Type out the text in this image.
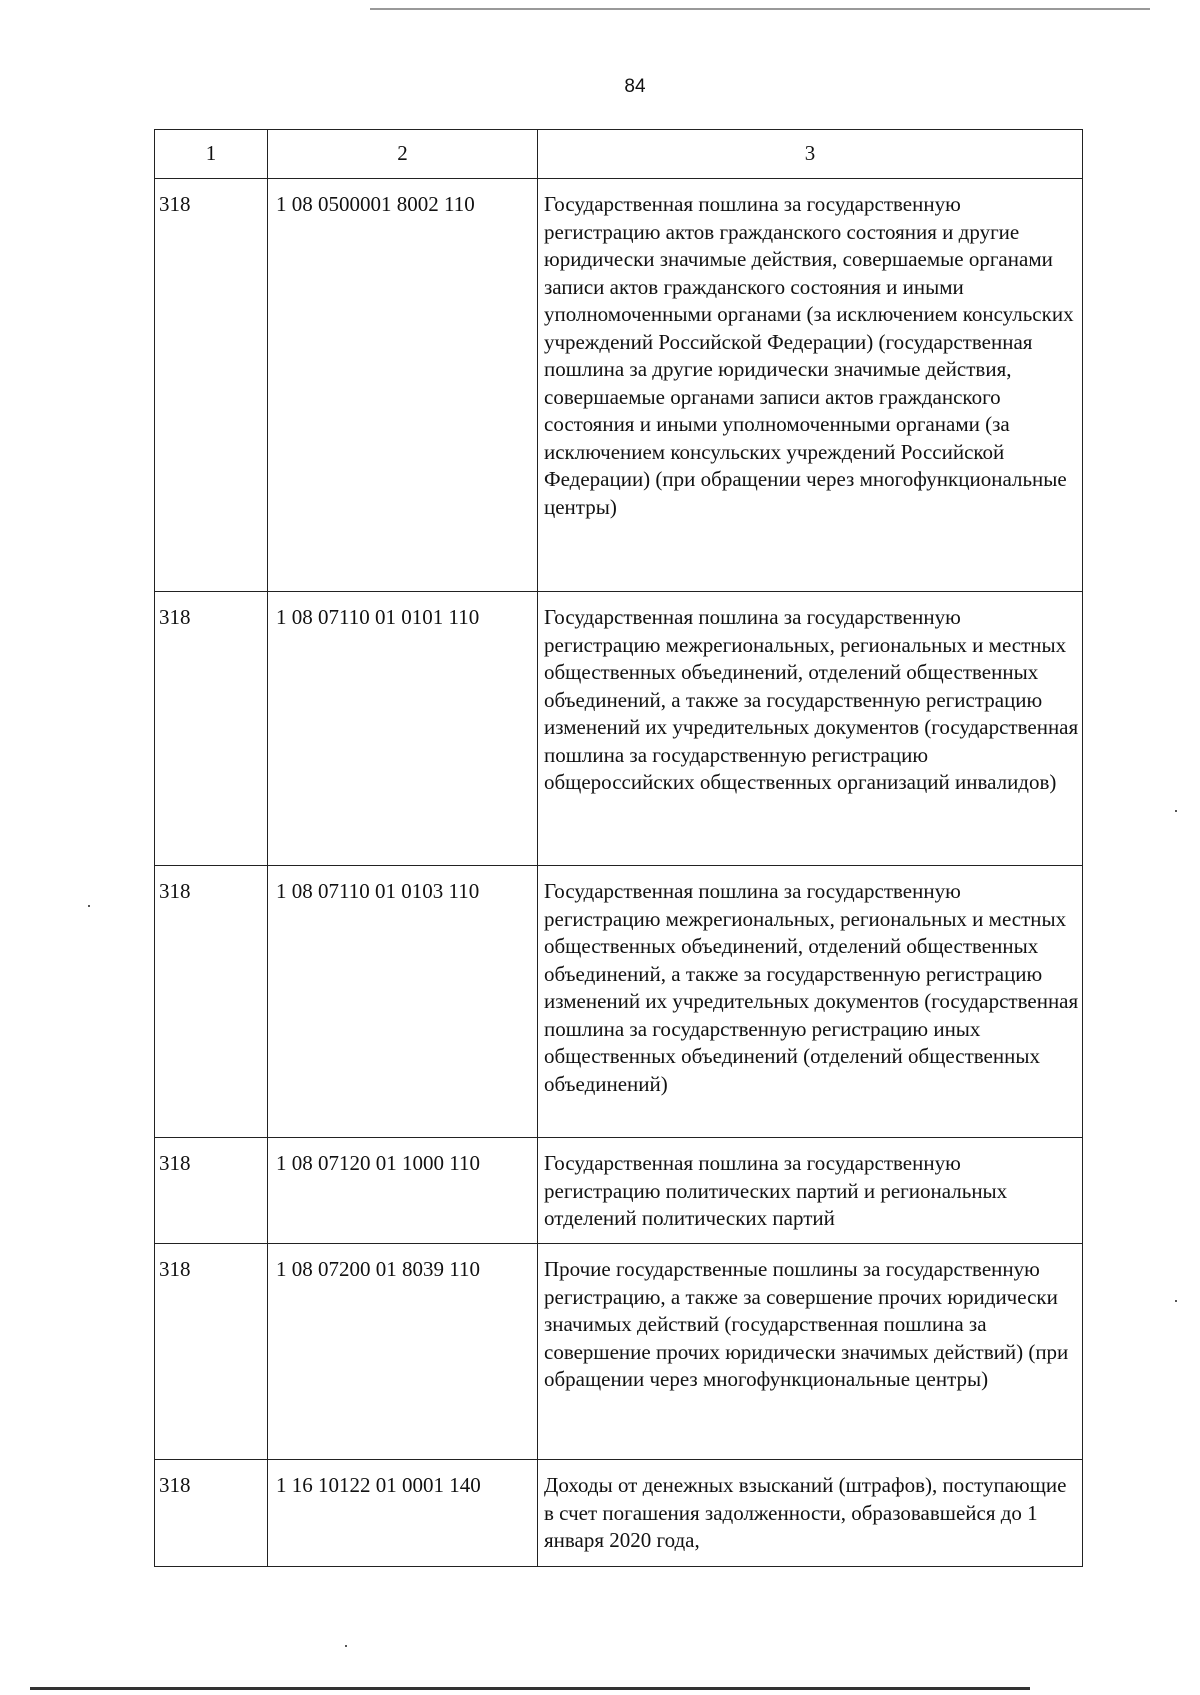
84
1	2	3
318	1 08 0500001 8002 110	Государственная пошлина за государственную регистрацию актов гражданского состояния и другие юридически значимые действия, совершаемые органами записи актов гражданского состояния и иными уполномоченными органами (за исключением консульских учреждений Российской Федерации) (государственная пошлина за другие юридически значимые действия, совершаемые органами записи актов гражданского состояния и иными уполномоченными органами (за исключением консульских учреждений Российской Федерации) (при обращении через многофункциональные центры)
318	1 08 07110 01 0101 110	Государственная пошлина за государственную регистрацию межрегиональных, региональных и местных общественных объединений, отделений общественных объединений, а также за государственную регистрацию изменений их учредительных документов (государственная пошлина за государственную регистрацию общероссийских общественных организаций инвалидов)
318	1 08 07110 01 0103 110	Государственная пошлина за государственную регистрацию межрегиональных, региональных и местных общественных объединений, отделений общественных объединений, а также за государственную регистрацию изменений их учредительных документов (государственная пошлина за государственную регистрацию иных общественных объединений (отделений общественных объединений)
318	1 08 07120 01 1000 110	Государственная пошлина за государственную регистрацию политических партий и региональных отделений политических партий
318	1 08 07200 01 8039 110	Прочие государственные пошлины за государственную регистрацию, а также за совершение прочих юридически значимых действий (государственная пошлина за совершение прочих юридически значимых действий) (при обращении через многофункциональные центры)
318	1 16 10122 01 0001 140	Доходы от денежных взысканий (штрафов), поступающие в счет погашения задолженности, образовавшейся до 1 января 2020 года,
